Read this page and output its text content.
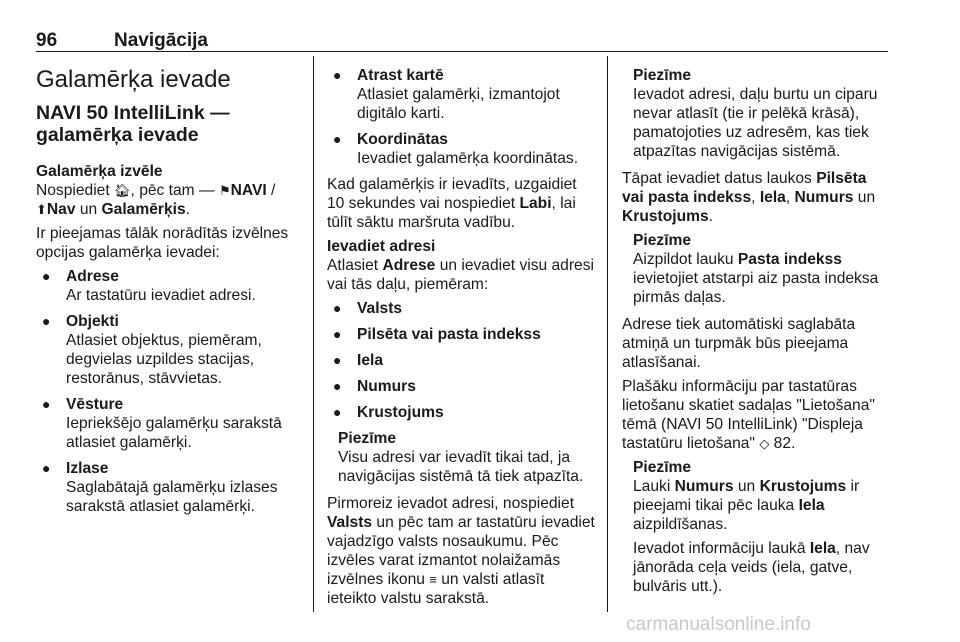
96	Navigācija
Galamērķa ievade
NAVI 50 IntelliLink — galamērķa ievade
Galamērķa izvēle

Nospiediet 🏠︎, pēc tam — ⚑NAVI /
⬆Nav un Galamērķis.

Ir pieejamas tālāk norādītās izvēlnes opcijas galamērķa ievadei:

● Adrese
Ar tastatūru ievadiet adresi.
● Objekti
Atlasiet objektus, piemēram, degvielas uzpildes stacijas, restorānus, stāvvietas.
● Vēsture
Iepriekšējo galamērķu sarakstā atlasiet galamērķi.
● Izlase
Saglabātajā galamērķu izlases sarakstā atlasiet galamērķi.
● Atrast kartē
Atlasiet galamērķi, izmantojot digitālo karti.
● Koordinātas
Ievadiet galamērķa koordinātas.

Kad galamērķis ir ievadīts, uzgaidiet 10 sekundes vai nospiediet Labi, lai tūlīt sāktu maršruta vadību.

Ievadiet adresi

Atlasiet Adrese un ievadiet visu adresi vai tās daļu, piemēram:

● Valsts
● Pilsēta vai pasta indekss
● Iela
● Numurs
● Krustojums
Piezīme
Visu adresi var ievadīt tikai tad, ja navigācijas sistēmā tā tiek atpazīta.

Pirmoreiz ievadot adresi, nospiediet Valsts un pēc tam ar tastatūru ievadiet vajadzīgo valsts nosaukumu. Pēc izvēles varat izmantot nolaižamās izvēlnes ikonu ≡ un valsti atlasīt ieteikto valstu sarakstā.

Piezīme
Ievadot adresi, daļu burtu un ciparu nevar atlasīt (tie ir pelēkā krāsā), pamatojoties uz adresēm, kas tiek atpazītas navigācijas sistēmā.

Tāpat ievadiet datus laukos Pilsēta vai pasta indekss, Iela, Numurs un Krustojums.

Piezīme
Aizpildot lauku Pasta indekss ievietojiet atstarpi aiz pasta indeksa pirmās daļas.

Adrese tiek automātiski saglabāta atmiņā un turpmāk būs pieejama atlasīšanai.

Plašāku informāciju par tastatūras lietošanu skatiet sadaļas "Lietošana" tēmā (NAVI 50 IntelliLink) "Displeja tastatūru lietošana" ◇ 82.

Piezīme

Lauki Numurs un Krustojums ir pieejami tikai pēc lauka Iela aizpildīšanas.

Ievadot informāciju laukā Iela, nav jānorāda ceļa veids (iela, gatve, bulvāris utt.).

carmanualsonline.info
